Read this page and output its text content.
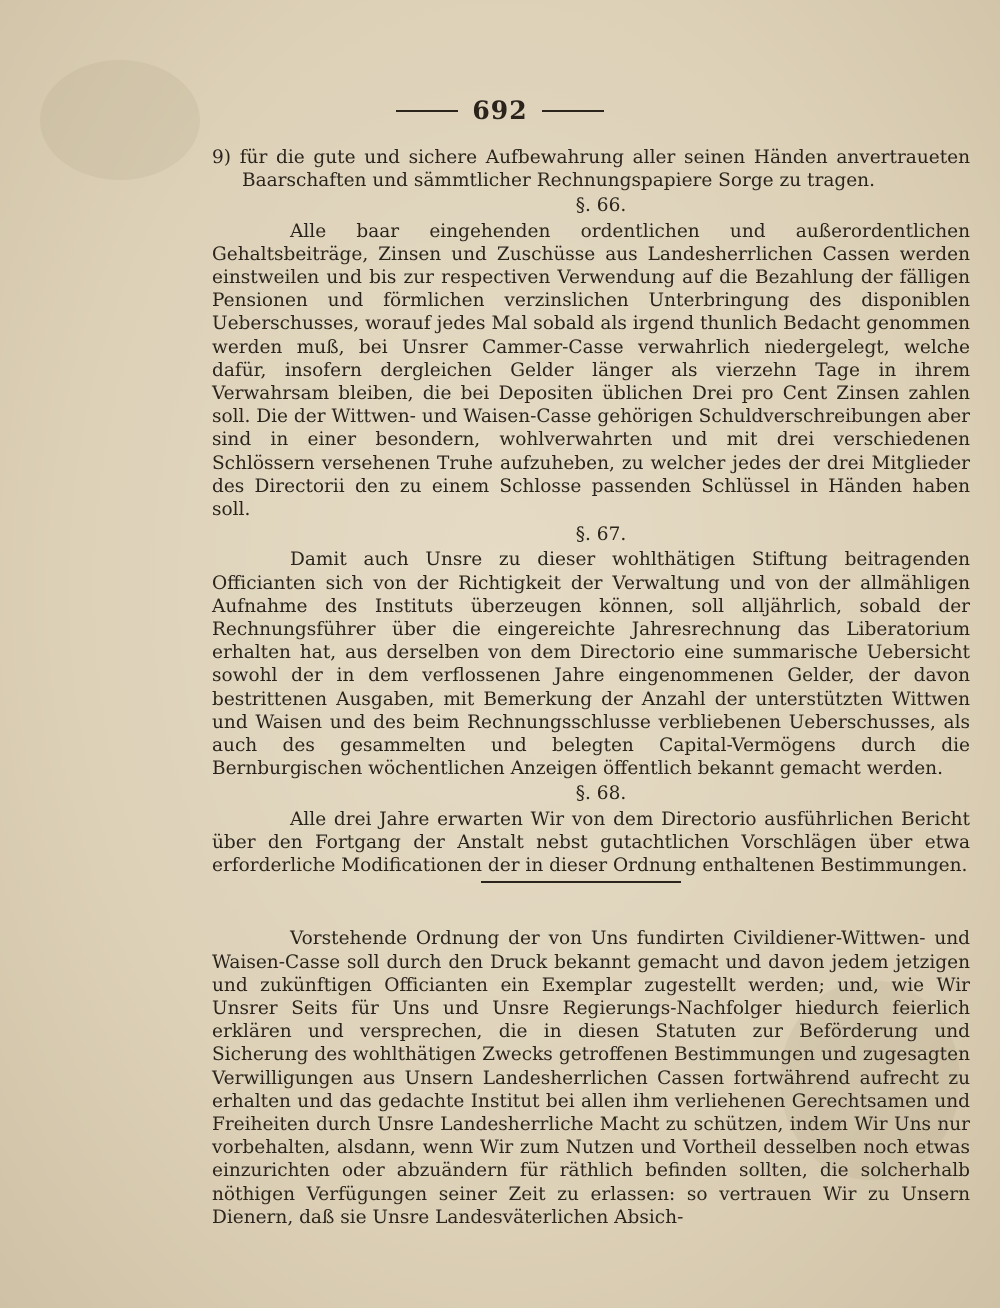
692

9) für die gute und sichere Aufbewahrung aller seinen Händen anvertraueten Baarschaften und sämmtlicher Rechnungspapiere Sorge zu tragen.

§. 66.

Alle baar eingehenden ordentlichen und außerordentlichen Gehaltsbeiträge, Zinsen und Zuschüsse aus Landesherrlichen Cassen werden einstweilen und bis zur respectiven Verwendung auf die Bezahlung der fälligen Pensionen und förmlichen verzinslichen Unterbringung des disponiblen Ueberschusses, worauf jedes Mal sobald als irgend thunlich Bedacht genommen werden muß, bei Unsrer Cammer-Casse verwahrlich niedergelegt, welche dafür, insofern dergleichen Gelder länger als vierzehn Tage in ihrem Verwahrsam bleiben, die bei Depositen üblichen Drei pro Cent Zinsen zahlen soll. Die der Wittwen- und Waisen-Casse gehörigen Schuldverschreibungen aber sind in einer besondern, wohlverwahrten und mit drei verschiedenen Schlössern versehenen Truhe aufzuheben, zu welcher jedes der drei Mitglieder des Directorii den zu einem Schlosse passenden Schlüssel in Händen haben soll.

§. 67.

Damit auch Unsre zu dieser wohlthätigen Stiftung beitragenden Officianten sich von der Richtigkeit der Verwaltung und von der allmähligen Aufnahme des Instituts überzeugen können, soll alljährlich, sobald der Rechnungsführer über die eingereichte Jahresrechnung das Liberatorium erhalten hat, aus derselben von dem Directorio eine summarische Uebersicht sowohl der in dem verflossenen Jahre eingenommenen Gelder, der davon bestrittenen Ausgaben, mit Bemerkung der Anzahl der unterstützten Wittwen und Waisen und des beim Rechnungsschlusse verbliebenen Ueberschusses, als auch des gesammelten und belegten Capital-Vermögens durch die Bernburgischen wöchentlichen Anzeigen öffentlich bekannt gemacht werden.

§. 68.

Alle drei Jahre erwarten Wir von dem Directorio ausführlichen Bericht über den Fortgang der Anstalt nebst gutachtlichen Vorschlägen über etwa erforderliche Modificationen der in dieser Ordnung enthaltenen Bestimmungen.

Vorstehende Ordnung der von Uns fundirten Civildiener-Wittwen- und Waisen-Casse soll durch den Druck bekannt gemacht und davon jedem jetzigen und zukünftigen Officianten ein Exemplar zugestellt werden; und, wie Wir Unsrer Seits für Uns und Unsre Regierungs-Nachfolger hiedurch feierlich erklären und versprechen, die in diesen Statuten zur Beförderung und Sicherung des wohlthätigen Zwecks getroffenen Bestimmungen und zugesagten Verwilligungen aus Unsern Landesherrlichen Cassen fortwährend aufrecht zu erhalten und das gedachte Institut bei allen ihm verliehenen Gerechtsamen und Freiheiten durch Unsre Landesherrliche Macht zu schützen, indem Wir Uns nur vorbehalten, alsdann, wenn Wir zum Nutzen und Vortheil desselben noch etwas einzurichten oder abzuändern für räthlich befinden sollten, die solcherhalb nöthigen Verfügungen seiner Zeit zu erlassen: so vertrauen Wir zu Unsern Dienern, daß sie Unsre Landesväterlichen Absich-
